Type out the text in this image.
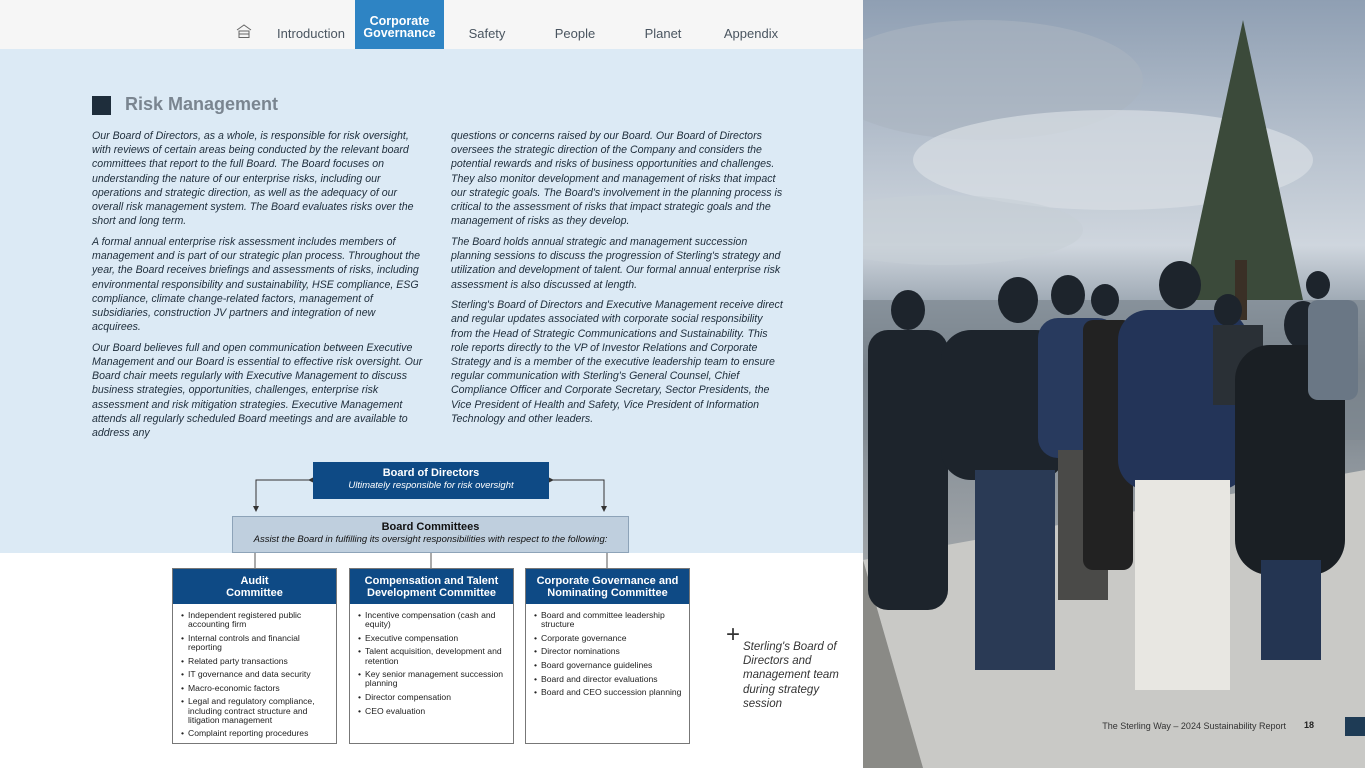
Introduction
Corporate Governance	Safety	People	Planet	Appendix
Risk Management

Our Board of Directors, as a whole, is responsible for risk oversight, with reviews of certain areas being conducted by the relevant board committees that report to the full Board. The Board focuses on understanding the nature of our enterprise risks, including our operations and strategic direction, as well as the adequacy of our overall risk management system. The Board evaluates risks over the short and long term.

A formal annual enterprise risk assessment includes members of management and is part of our strategic plan process. Throughout the year, the Board receives briefings and assessments of risks, including environmental responsibility and sustainability, HSE compliance, ESG compliance, climate change-related factors, management of subsidiaries, construction JV partners and integration of new acquirees.

Our Board believes full and open communication between Executive Management and our Board is essential to effective risk oversight. Our Board chair meets regularly with Executive Management to discuss business strategies, opportunities, challenges, enterprise risk assessment and risk mitigation strategies. Executive Management attends all regularly scheduled Board meetings and are available to address any

questions or concerns raised by our Board. Our Board of Directors oversees the strategic direction of the Company and considers the potential rewards and risks of business opportunities and challenges. They also monitor development and management of risks that impact our strategic goals. The Board's involvement in the planning process is critical to the assessment of risks that impact strategic goals and the management of risks as they develop.

The Board holds annual strategic and management succession planning sessions to discuss the progression of Sterling's strategy and utilization and development of talent. Our formal annual enterprise risk assessment is also discussed at length.

Sterling's Board of Directors and Executive Management receive direct and regular updates associated with corporate social responsibility from the Head of Strategic Communications and Sustainability. This role reports directly to the VP of Investor Relations and Corporate Strategy and is a member of the executive leadership team to ensure regular communication with Sterling's General Counsel, Chief Compliance Officer and Corporate Secretary, Sector Presidents, the Vice President of Health and Safety, Vice President of Information Technology and other leaders.

Board of Directors
Ultimately responsible for risk oversight
Board Committees
Assist the Board in fulfilling its oversight responsibilities with respect to the following:
Audit Committee
• Independent registered public accounting firm
• Internal controls and financial reporting
• Related party transactions
• IT governance and data security
• Macro-economic factors
• Legal and regulatory compliance, including contract structure and litigation management
• Complaint reporting procedures
Compensation and Talent Development Committee
• Incentive compensation (cash and equity)
• Executive compensation
• Talent acquisition, development and retention
• Key senior management succession planning
• Director compensation
• CEO evaluation
Corporate Governance and Nominating Committee
• Board and committee leadership structure
• Corporate governance
• Director nominations
• Board governance guidelines
• Board and director evaluations
• Board and CEO succession planning
+ Sterling's Board of Directors and management team during strategy session
The Sterling Way – 2024 Sustainability Report 18
